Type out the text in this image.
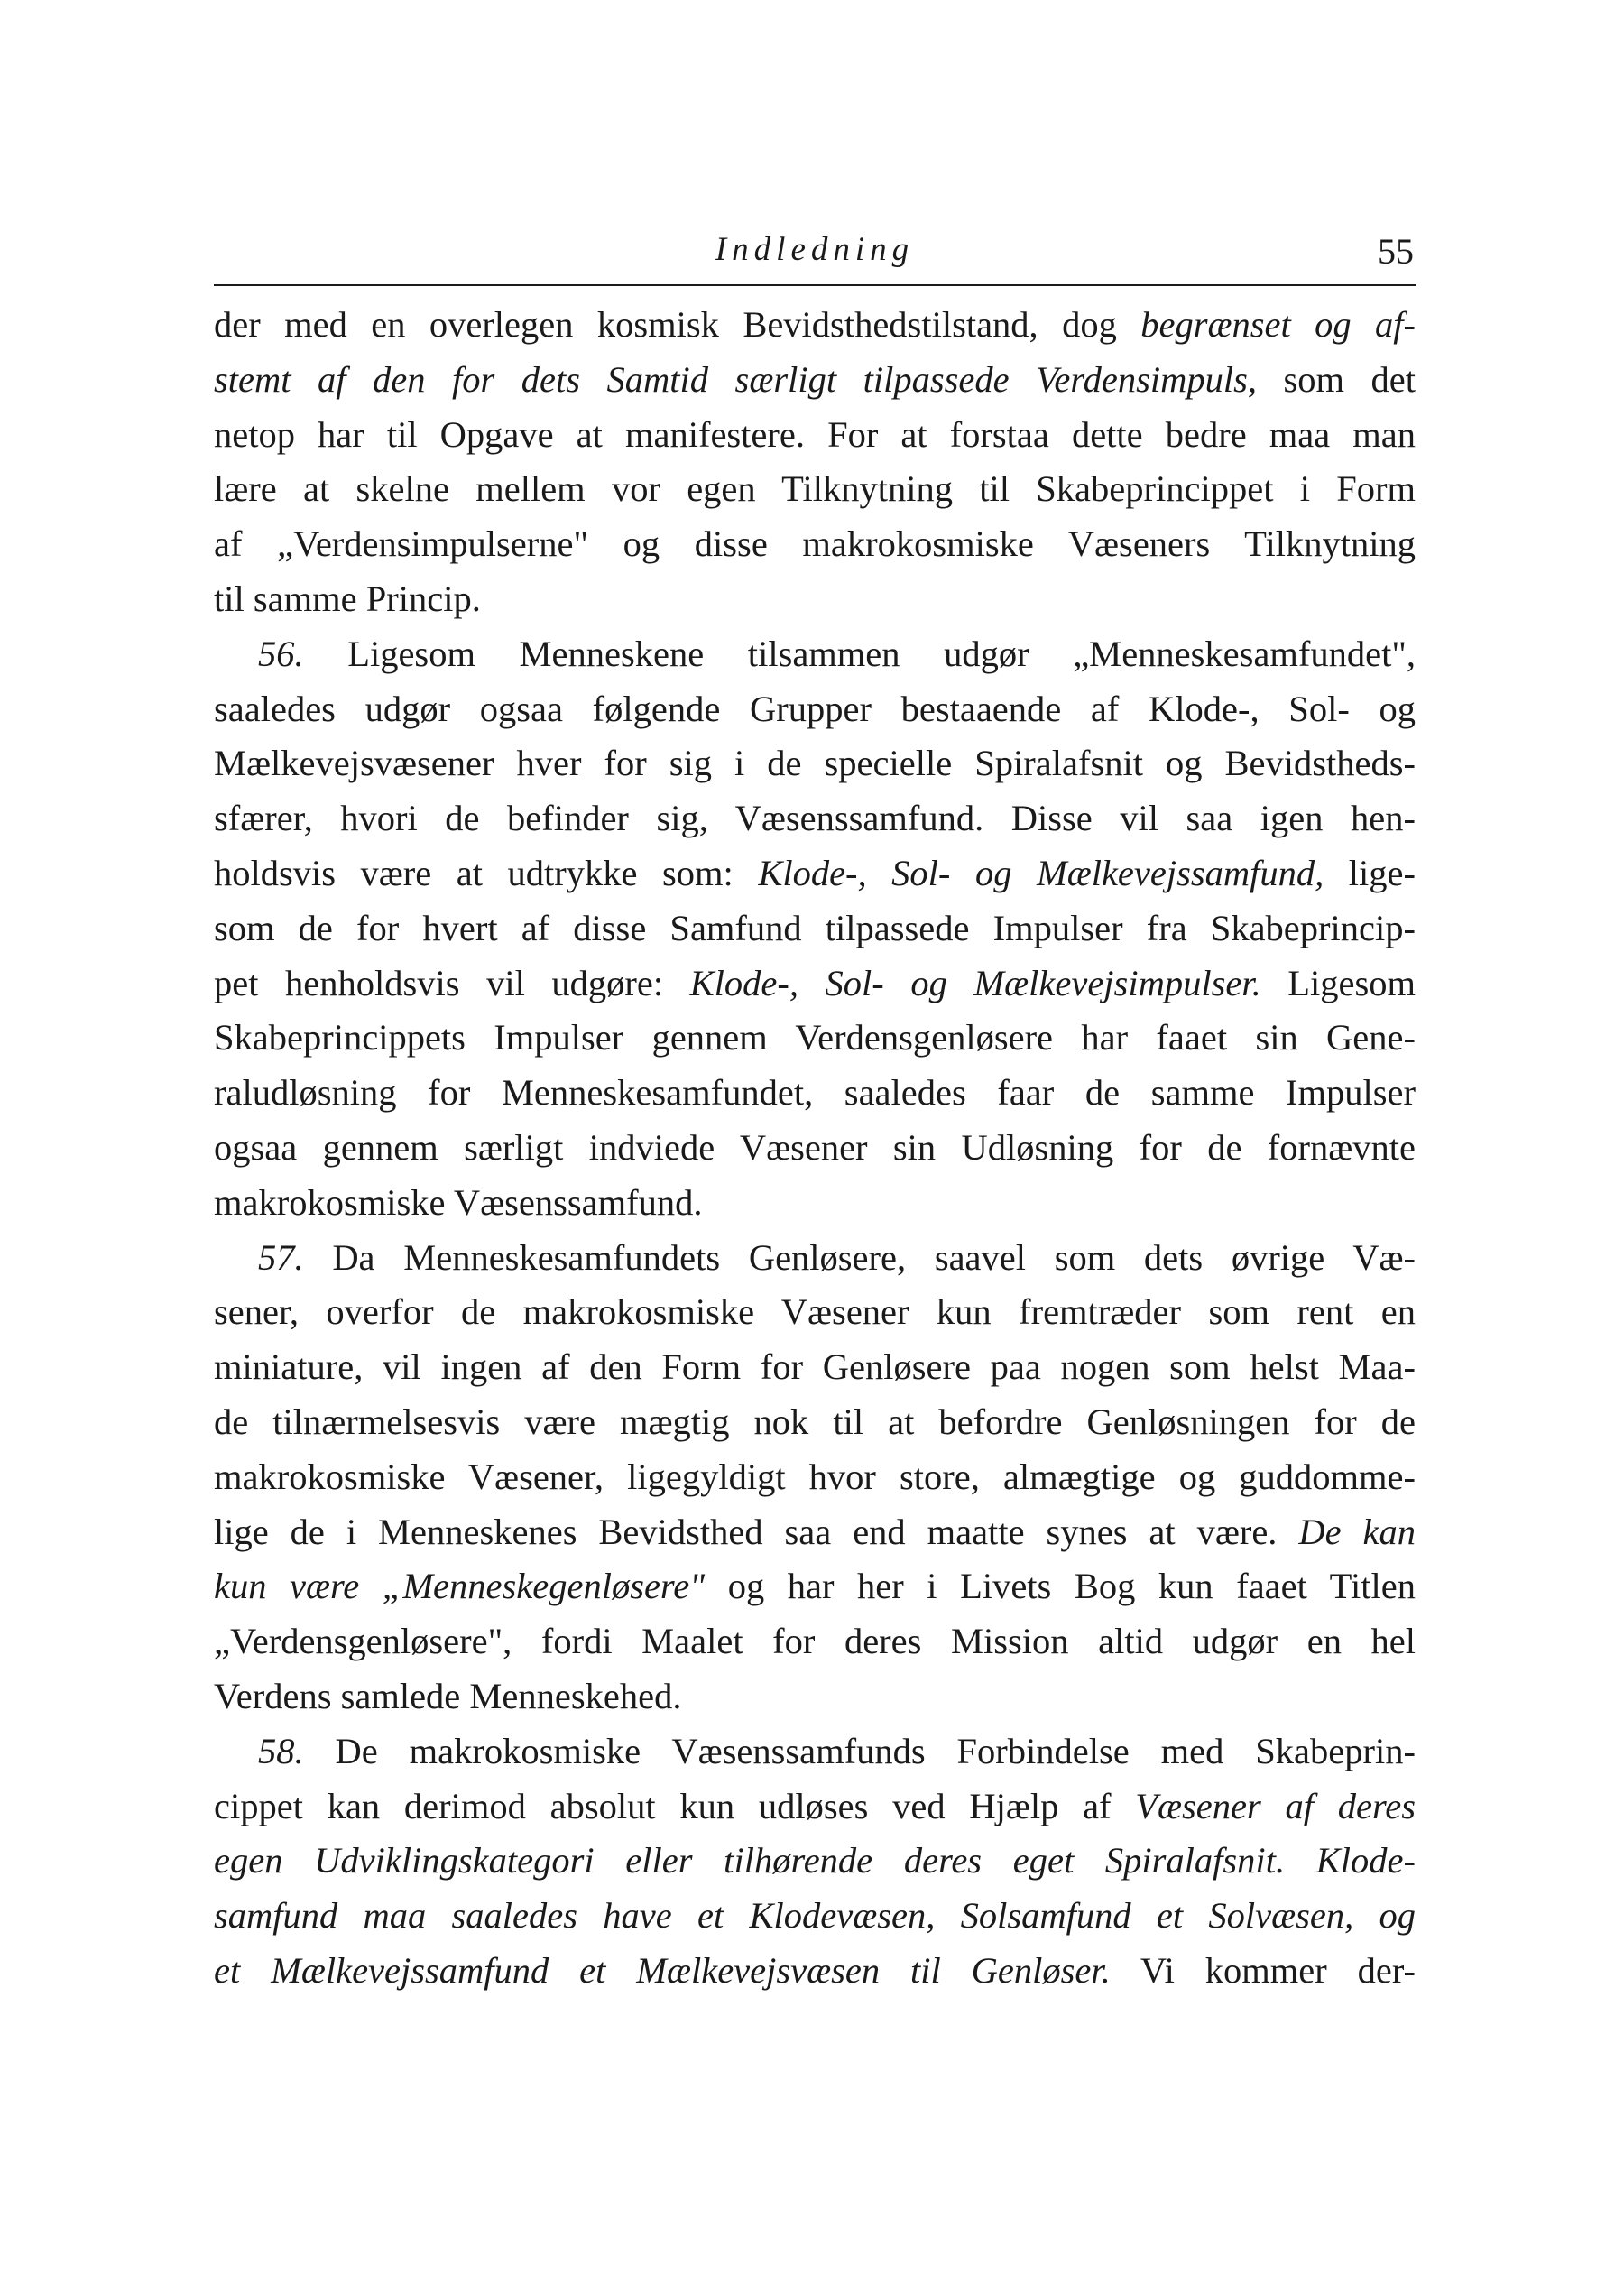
Indledning	55
der med en overlegen kosmisk Bevidsthedstilstand, dog begrænset og af-
stemt af den for dets Samtid særligt tilpassede Verdensimpuls, som det
netop har til Opgave at manifestere. For at forstaa dette bedre maa man
lære at skelne mellem vor egen Tilknytning til Skabeprincippet i Form
af „Verdensimpulserne" og disse makrokosmiske Væseners Tilknytning
til samme Princip.
56. Ligesom Menneskene tilsammen udgør „Menneskesamfundet",
saaledes udgør ogsaa følgende Grupper bestaaende af Klode-, Sol- og
Mælkevejsvæsener hver for sig i de specielle Spiralafsnit og Bevidstheds-
sfærer, hvori de befinder sig, Væsenssamfund. Disse vil saa igen hen-
holdsvis være at udtrykke som: Klode-, Sol- og Mælkevejssamfund, lige-
som de for hvert af disse Samfund tilpassede Impulser fra Skabeprincip-
pet henholdsvis vil udgøre: Klode-, Sol- og Mælkevejsimpulser. Ligesom
Skabeprincippets Impulser gennem Verdensgenløsere har faaet sin Gene-
raludløsning for Menneskesamfundet, saaledes faar de samme Impulser
ogsaa gennem særligt indviede Væsener sin Udløsning for de fornævnte
makrokosmiske Væsenssamfund.
57. Da Menneskesamfundets Genløsere, saavel som dets øvrige Væ-
sener, overfor de makrokosmiske Væsener kun fremtræder som rent en
miniature, vil ingen af den Form for Genløsere paa nogen som helst Maa-
de tilnærmelsesvis være mægtig nok til at befordre Genløsningen for de
makrokosmiske Væsener, ligegyldigt hvor store, almægtige og guddomme-
lige de i Menneskenes Bevidsthed saa end maatte synes at være. De kan
kun være „Menneskegenløsere" og har her i Livets Bog kun faaet Titlen
„Verdensgenløsere", fordi Maalet for deres Mission altid udgør en hel
Verdens samlede Menneskehed.
58. De makrokosmiske Væsenssamfunds Forbindelse med Skabeprin-
cippet kan derimod absolut kun udløses ved Hjælp af Væsener af deres
egen Udviklingskategori eller tilhørende deres eget Spiralafsnit. Klode-
samfund maa saaledes have et Klodevæsen, Solsamfund et Solvæsen, og
et Mælkevejssamfund et Mælkevejsvæsen til Genløser. Vi kommer der-
